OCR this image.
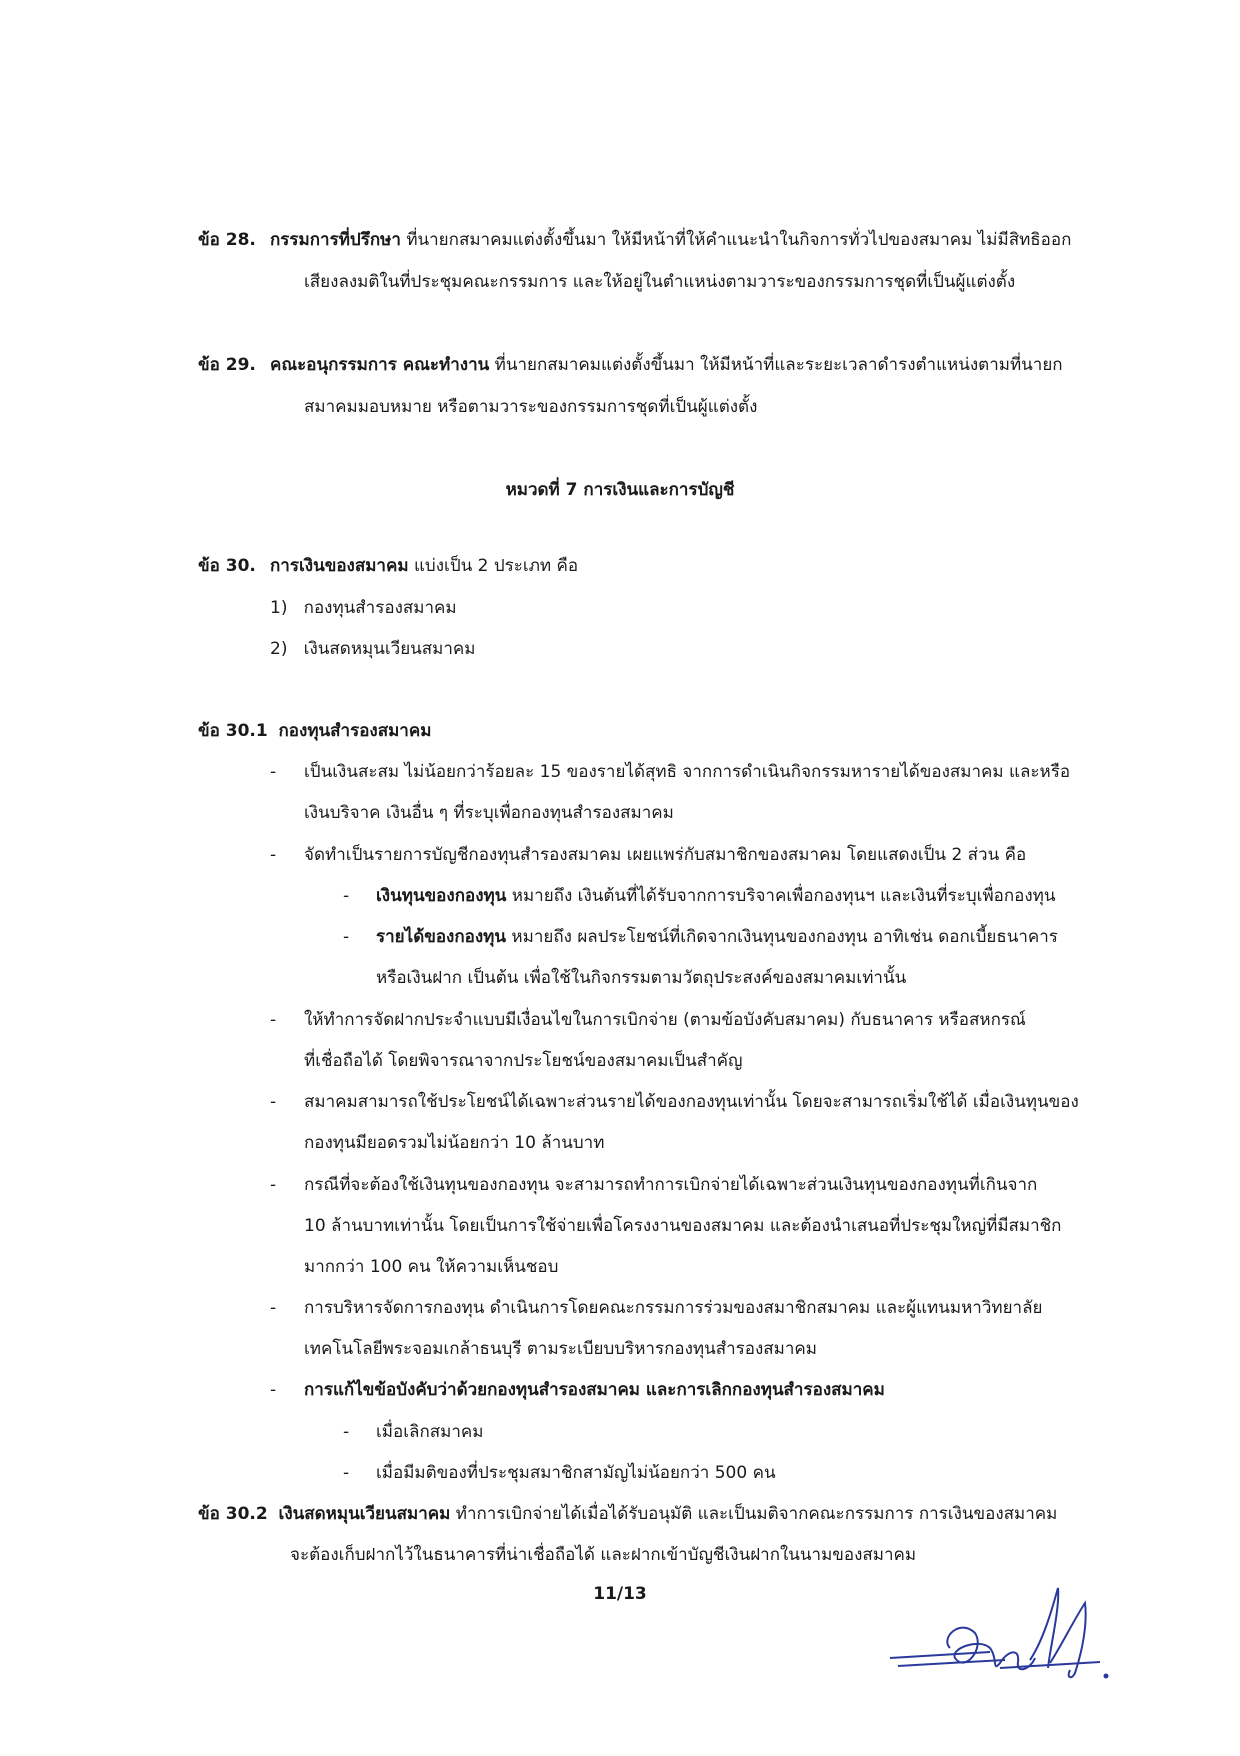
ข้อ 28. กรรมการที่ปรึกษา ที่นายกสมาคมแต่งตั้งขึ้นมา ให้มีหน้าที่ให้คำแนะนำในกิจการทั่วไปของสมาคม ไม่มีสิทธิออก
เสียงลงมติในที่ประชุมคณะกรรมการ และให้อยู่ในตำแหน่งตามวาระของกรรมการชุดที่เป็นผู้แต่งตั้ง
ข้อ 29. คณะอนุกรรมการ คณะทำงาน ที่นายกสมาคมแต่งตั้งขึ้นมา ให้มีหน้าที่และระยะเวลาดำรงตำแหน่งตามที่นายก
สมาคมมอบหมาย หรือตามวาระของกรรมการชุดที่เป็นผู้แต่งตั้ง
หมวดที่ 7 การเงินและการบัญชี
ข้อ 30. การเงินของสมาคม แบ่งเป็น 2 ประเภท คือ
1) กองทุนสำรองสมาคม
2) เงินสดหมุนเวียนสมาคม
ข้อ 30.1 กองทุนสำรองสมาคม
- เป็นเงินสะสม ไม่น้อยกว่าร้อยละ 15 ของรายได้สุทธิ จากการดำเนินกิจกรรมหารายได้ของสมาคม และหรือ
เงินบริจาค เงินอื่น ๆ ที่ระบุเพื่อกองทุนสำรองสมาคม
- จัดทำเป็นรายการบัญชีกองทุนสำรองสมาคม เผยแพร่กับสมาชิกของสมาคม โดยแสดงเป็น 2 ส่วน คือ
- เงินทุนของกองทุน หมายถึง เงินต้นที่ได้รับจากการบริจาคเพื่อกองทุนฯ และเงินที่ระบุเพื่อกองทุน
- รายได้ของกองทุน หมายถึง ผลประโยชน์ที่เกิดจากเงินทุนของกองทุน อาทิเช่น ดอกเบี้ยธนาคาร
หรือเงินฝาก เป็นต้น เพื่อใช้ในกิจกรรมตามวัตถุประสงค์ของสมาคมเท่านั้น
- ให้ทำการจัดฝากประจำแบบมีเงื่อนไขในการเบิกจ่าย (ตามข้อบังคับสมาคม) กับธนาคาร หรือสหกรณ์
ที่เชื่อถือได้ โดยพิจารณาจากประโยชน์ของสมาคมเป็นสำคัญ
- สมาคมสามารถใช้ประโยชน์ได้เฉพาะส่วนรายได้ของกองทุนเท่านั้น โดยจะสามารถเริ่มใช้ได้ เมื่อเงินทุนของ
กองทุนมียอดรวมไม่น้อยกว่า 10 ล้านบาท
- กรณีที่จะต้องใช้เงินทุนของกองทุน จะสามารถทำการเบิกจ่ายได้เฉพาะส่วนเงินทุนของกองทุนที่เกินจาก
10 ล้านบาทเท่านั้น โดยเป็นการใช้จ่ายเพื่อโครงงานของสมาคม และต้องนำเสนอที่ประชุมใหญ่ที่มีสมาชิก
มากกว่า 100 คน ให้ความเห็นชอบ
- การบริหารจัดการกองทุน ดำเนินการโดยคณะกรรมการร่วมของสมาชิกสมาคม และผู้แทนมหาวิทยาลัย
เทคโนโลยีพระจอมเกล้าธนบุรี ตามระเบียบบริหารกองทุนสำรองสมาคม
- การแก้ไขข้อบังคับว่าด้วยกองทุนสำรองสมาคม และการเลิกกองทุนสำรองสมาคม
- เมื่อเลิกสมาคม
- เมื่อมีมติของที่ประชุมสมาชิกสามัญไม่น้อยกว่า 500 คน
ข้อ 30.2 เงินสดหมุนเวียนสมาคม ทำการเบิกจ่ายได้เมื่อได้รับอนุมัติ และเป็นมติจากคณะกรรมการ การเงินของสมาคม
จะต้องเก็บฝากไว้ในธนาคารที่น่าเชื่อถือได้ และฝากเข้าบัญชีเงินฝากในนามของสมาคม
11/13
